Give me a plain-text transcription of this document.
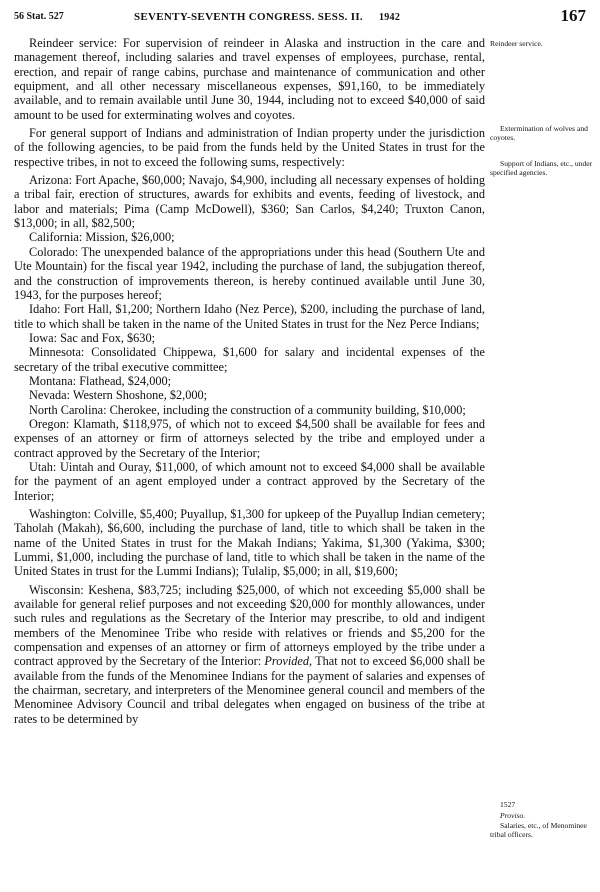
56 Stat. 527	SEVENTY-SEVENTH CONGRESS. SESS. II. 1942	167

Reindeer service: For supervision of reindeer in Alaska and instruction in the care and management thereof, including salaries and travel expenses of employees, purchase, rental, erection, and repair of range cabins, purchase and maintenance of communication and other equipment, and all other necessary miscellaneous expenses, $91,160, to be immediately available, and to remain available until June 30, 1944, including not to exceed $40,000 of said amount to be used for exterminating wolves and coyotes.

For general support of Indians and administration of Indian property under the jurisdiction of the following agencies, to be paid from the funds held by the United States in trust for the respective tribes, in not to exceed the following sums, respectively:

Arizona: Fort Apache, $60,000; Navajo, $4,900, including all necessary expenses of holding a tribal fair, erection of structures, awards for exhibits and events, feeding of livestock, and labor and materials; Pima (Camp McDowell), $360; San Carlos, $4,240; Truxton Canon, $13,000; in all, $82,500;

California: Mission, $26,000;

Colorado: The unexpended balance of the appropriations under this head (Southern Ute and Ute Mountain) for the fiscal year 1942, including the purchase of land, the subjugation thereof, and the construction of improvements thereon, is hereby continued available until June 30, 1943, for the purposes hereof;

Idaho: Fort Hall, $1,200; Northern Idaho (Nez Perce), $200, including the purchase of land, title to which shall be taken in the name of the United States in trust for the Nez Perce Indians;

Iowa: Sac and Fox, $630;

Minnesota: Consolidated Chippewa, $1,600 for salary and incidental expenses of the secretary of the tribal executive committee;

Montana: Flathead, $24,000;

Nevada: Western Shoshone, $2,000;

North Carolina: Cherokee, including the construction of a community building, $10,000;

Oregon: Klamath, $118,975, of which not to exceed $4,500 shall be available for fees and expenses of an attorney or firm of attorneys selected by the tribe and employed under a contract approved by the Secretary of the Interior;

Utah: Uintah and Ouray, $11,000, of which amount not to exceed $4,000 shall be available for the payment of an agent employed under a contract approved by the Secretary of the Interior;

Washington: Colville, $5,400; Puyallup, $1,300 for upkeep of the Puyallup Indian cemetery; Taholah (Makah), $6,600, including the purchase of land, title to which shall be taken in the name of the United States in trust for the Makah Indians; Yakima, $1,300 (Yakima, $300; Lummi, $1,000, including the purchase of land, title to which shall be taken in the name of the United States in trust for the Lummi Indians); Tulalip, $5,000; in all, $19,600;

Wisconsin: Keshena, $83,725; including $25,000, of which not exceeding $5,000 shall be available for general relief purposes and not exceeding $20,000 for monthly allowances, under such rules and regulations as the Secretary of the Interior may prescribe, to old and indigent members of the Menominee Tribe who reside with relatives or friends and $5,200 for the compensation and expenses of an attorney or firm of attorneys employed by the tribe under a contract approved by the Secretary of the Interior: Provided, That not to exceed $6,000 shall be available from the funds of the Menominee Indians for the payment of salaries and expenses of the chairman, secretary, and interpreters of the Menominee general council and members of the Menominee Advisory Council and tribal delegates when engaged on business of the tribe at rates to be determined by

Reindeer service.
Extermination of wolves and coyotes.
Support of Indians, etc., under specified agencies.
1527
Proviso.
Salaries, etc., of Menominee tribal officers.
